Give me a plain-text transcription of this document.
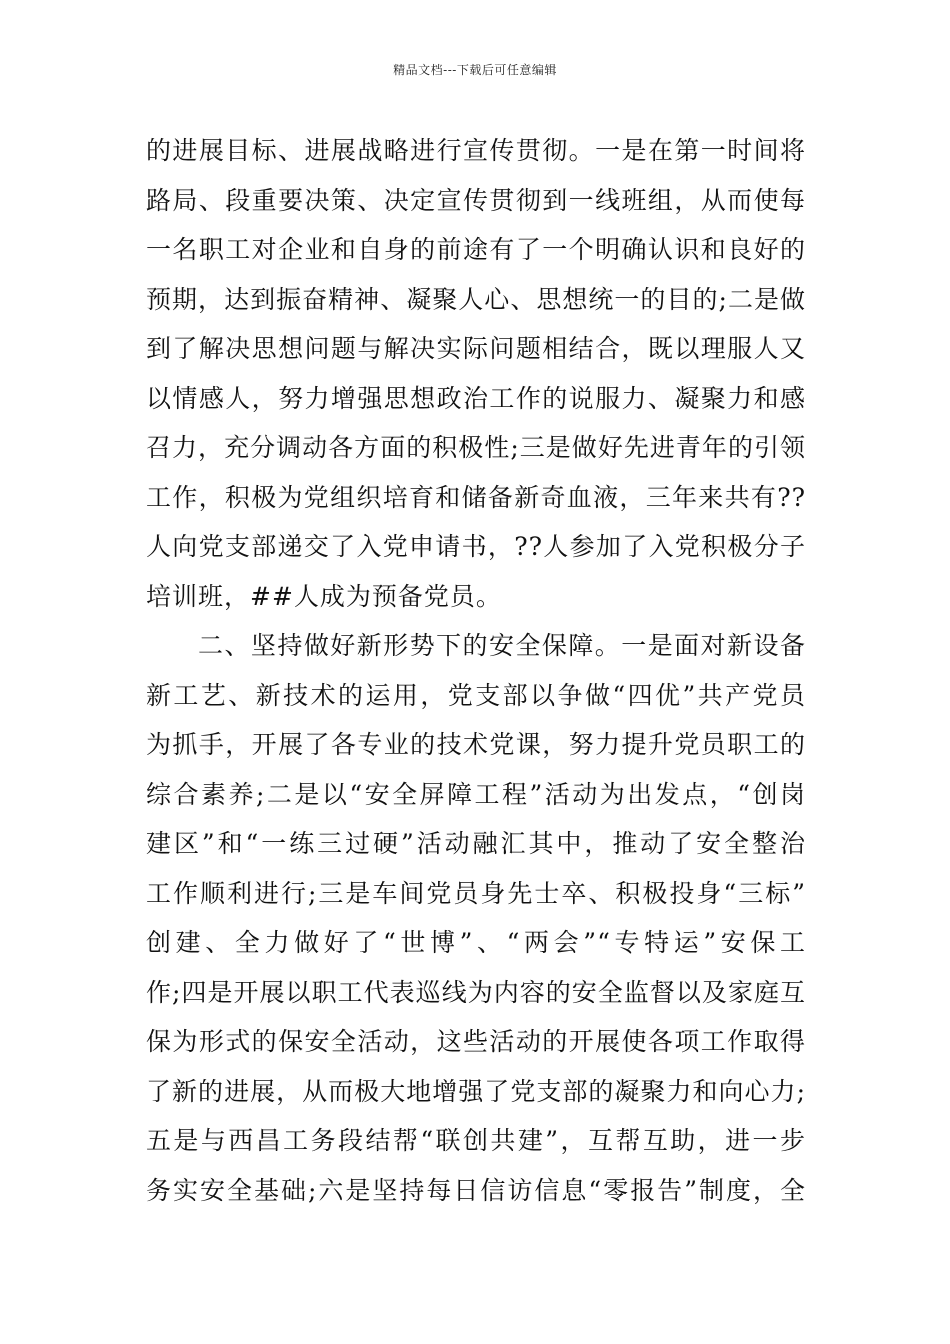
精品文档---下载后可任意编辑
的进展目标、进展战略进行宣传贯彻。一是在第一时间将
路局、段重要决策、决定宣传贯彻到一线班组，从而使每
一名职工对企业和自身的前途有了一个明确认识和良好的
预期，达到振奋精神、凝聚人心、思想统一的目的;二是做
到了解决思想问题与解决实际问题相结合，既以理服人又
以情感人，努力增强思想政治工作的说服力、凝聚力和感
召力，充分调动各方面的积极性;三是做好先进青年的引领
工作，积极为党组织培育和储备新奇血液，三年来共有??
人向党支部递交了入党申请书，??人参加了入党积极分子
培训班，##人成为预备党员。
二、坚持做好新形势下的安全保障。一是面对新设备
新工艺、新技术的运用，党支部以争做“四优”共产党员
为抓手，开展了各专业的技术党课，努力提升党员职工的
综合素养;二是以“安全屏障工程”活动为出发点，“创岗
建区”和“一练三过硬”活动融汇其中，推动了安全整治
工作顺利进行;三是车间党员身先士卒、积极投身“三标”
创建、全力做好了“世博”、“两会”“专特运”安保工
作;四是开展以职工代表巡线为内容的安全监督以及家庭互
保为形式的保安全活动，这些活动的开展使各项工作取得
了新的进展，从而极大地增强了党支部的凝聚力和向心力;
五是与西昌工务段结帮“联创共建”，互帮互助，进一步
务实安全基础;六是坚持每日信访信息“零报告”制度，全
